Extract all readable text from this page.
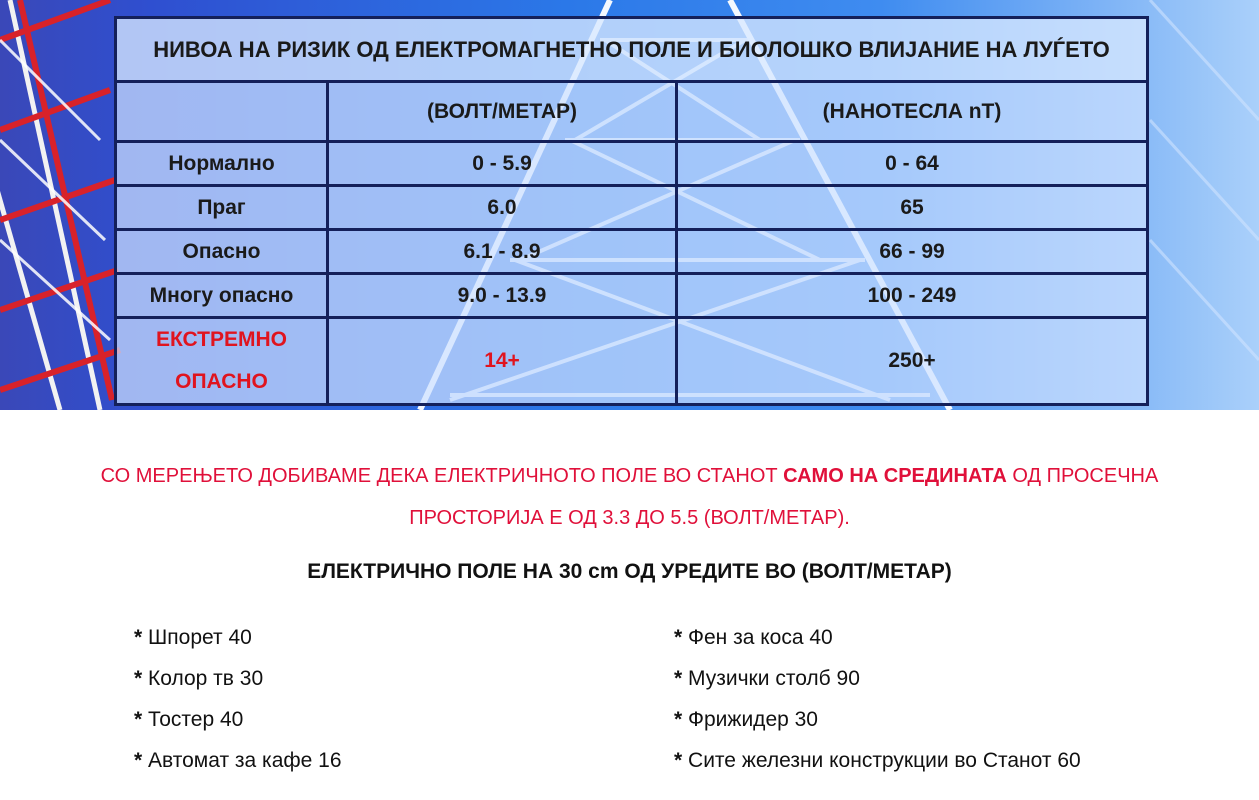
НИВОА НА РИЗИК ОД ЕЛЕКТРОМАГНЕТНО ПОЛЕ И БИОЛОШКО ВЛИЈАНИЕ НА ЛУЃЕТО		
	(ВОЛТ/МЕТАР)	(НАНОТЕСЛА nT)
Нормално	0 - 5.9	0 - 64
Праг	6.0	65
Опасно	6.1 - 8.9	66 - 99
Многу опасно	9.0 - 13.9	100 - 249

ЕКСТРЕМНО
ОПАСНО	14+	250+
СО МЕРЕЊЕТО ДОБИВАМЕ ДЕКА ЕЛЕКТРИЧНОТО ПОЛЕ ВО СТАНОТ САМО НА СРЕДИНАТА ОД ПРОСЕЧНА
ПРОСТОРИЈА Е ОД 3.3 ДО 5.5 (ВОЛТ/МЕТАР).
ЕЛЕКТРИЧНО ПОЛЕ НА 30 cm ОД УРЕДИТЕ ВО (ВОЛТ/МЕТАР)
* Шпорет 40
* Колор тв 30
* Тостер 40
* Автомат за кафе 16
* Фен за коса 40
* Музички столб 90
* Фрижидер 30
* Сите железни конструкции во Станот 60
